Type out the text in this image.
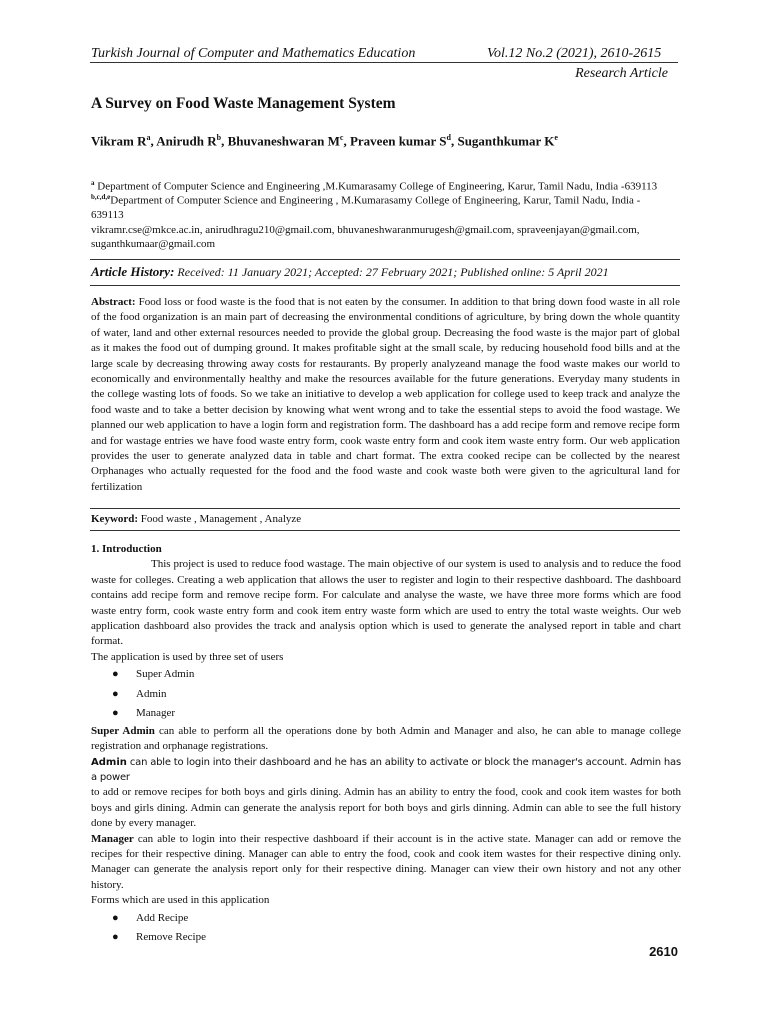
Turkish Journal of Computer and Mathematics Education	Vol.12 No.2 (2021), 2610-2615
Research Article
A Survey on Food Waste Management System
Vikram $R^a$, Anirudh $R^b$, Bhuvaneshwaran $M^c$, Praveen kumar $S^d$, Suganthkumar $K^e$
$^a$ Department of Computer Science and Engineering ,M.Kumarasamy College of Engineering, Karur, Tamil Nadu, India -639113
$^{b,c,d,e}$Department of Computer Science and Engineering , M.Kumarasamy College of Engineering, Karur, Tamil Nadu, India -
639113
vikramr.cse@mkce.ac.in, anirudhragu210@gmail.com, bhuvaneshwaranmurugesh@gmail.com, spraveenjayan@gmail.com,
suganthkumaar@gmail.com
Article History: Received: 11 January 2021; Accepted: 27 February 2021; Published online: 5 April 2021
Abstract: Food loss or food waste is the food that is not eaten by the consumer. In addition to that bring down food waste in all role of the food organization is an main part of decreasing the environmental conditions of agriculture, by bring down the whole quantity of water, land and other external resources needed to provide the global group. Decreasing the food waste is the major part of global as it makes the food out of dumping ground. It makes profitable sight at the small scale, by reducing household food bills and at the large scale by decreasing throwing away costs for restaurants. By properly analyzeand manage the food waste makes our world to economically and environmentally healthy and make the resources available for the future generations. Everyday many students in the college wasting lots of foods. So we take an initiative to develop a web application for college used to keep track and analyze the food waste and to take a better decision by knowing what went wrong and to take the essential steps to avoid the food wastage. We planned our web application to have a login form and registration form. The dashboard has a add recipe form and remove recipe form and for wastage entries we have food waste entry form, cook waste entry form and cook item waste entry form. Our web application provides the user to generate analyzed data in table and chart format. The extra cooked recipe can be collected by the nearest Orphanages who actually requested for the food and the food waste and cook waste both were given to the agricultural land for fertilization
Keyword: Food waste , Management , Analyze

1. Introduction

This project is used to reduce food wastage. The main objective of our system is used to analysis and to reduce the food waste for colleges. Creating a web application that allows the user to register and login to their respective dashboard. The dashboard contains add recipe form and remove recipe form. For calculate and analyse the waste, we have three more forms which are food waste entry form, cook waste entry form and cook item entry waste form which are used to entry the total waste weights. Our web application dashboard also provides the track and analysis option which is used to generate the analysed report in table and chart format.

The application is used by three set of users

● Super Admin
● Admin
● Manager

Super Admin can able to perform all the operations done by both Admin and Manager and also, he can able to manage college registration and orphanage registrations.

Admin can able to login into their dashboard and he has an ability to activate or block the manager's account. Admin has a power
to add or remove recipes for both boys and girls dining. Admin has an ability to entry the food, cook and cook item wastes for both boys and girls dining. Admin can generate the analysis report for both boys and girls dinning. Admin can able to see the full history done by every manager.

Manager can able to login into their respective dashboard if their account is in the active state. Manager can add or remove the recipes for their respective dining. Manager can able to entry the food, cook and cook item wastes for their respective dining only. Manager can generate the analysis report only for their respective dining. Manager can view their own history and not any other history.

Forms which are used in this application

● Add Recipe
● Remove Recipe
2610
